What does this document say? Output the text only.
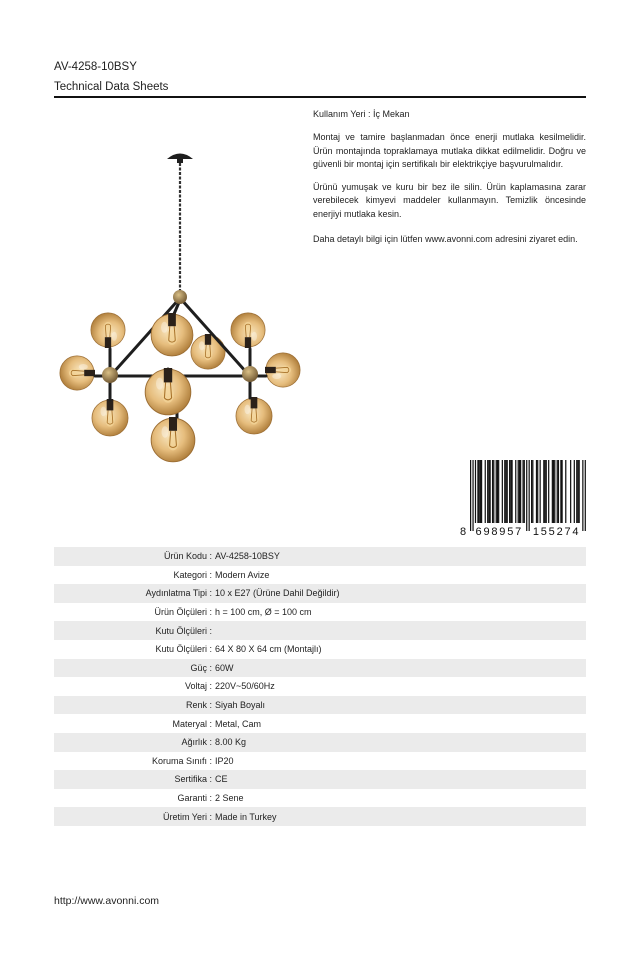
AV-4258-10BSY
Technical Data Sheets
Kullanım Yeri : İç Mekan
Montaj ve tamire başlanmadan önce enerji mutlaka kesilmelidir.
Ürün montajında topraklamaya mutlaka dikkat edilmelidir. Doğru ve
güvenli bir montaj için sertifikalı bir elektrikçiye başvurulmalıdır.
Ürünü yumuşak ve kuru bir bez ile silin. Ürün kaplamasına zarar
verebilecek kimyevi maddeler kullanmayın. Temizlik öncesinde
enerjiyi mutlaka kesin.
Daha detaylı bilgi için lütfen www.avonni.com adresini ziyaret edin.
8 698957 155274
Ürün Kodu : AV-4258-10BSY
Kategori : Modern Avize
Aydınlatma Tipi : 10 x E27 (Ürüne Dahil Değildir)
Ürün Ölçüleri : h = 100 cm, Ø = 100 cm
Kutu Ölçüleri :
Kutu Ölçüleri : 64 X 80 X 64 cm (Montajlı)
Güç : 60W
Voltaj : 220V~50/60Hz
Renk : Siyah Boyalı
Materyal : Metal, Cam
Ağırlık : 8.00 Kg
Koruma Sınıfı : IP20
Sertifika : CE
Garanti : 2 Sene
Üretim Yeri : Made in Turkey
http://www.avonni.com
